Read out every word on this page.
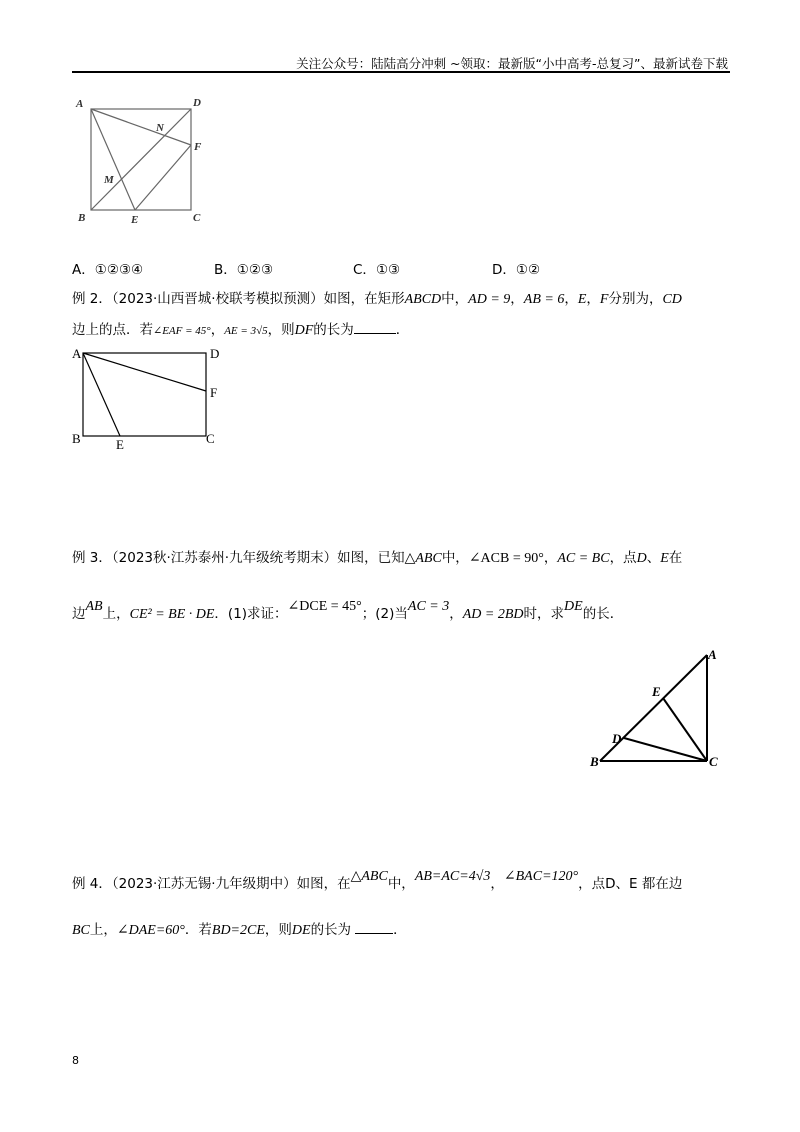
关注公众号：陆陆高分冲刺 ~领取：最新版“小中高考-总复习”、最新试卷下载
A	D
N
F
M
B	E	C
A．①②③④	B．①②③	C．①③	D．①②
例 2．（2023·山西晋城·校联考模拟预测）如图，在矩形ABCD中，AD = 9，AB = 6，E，F分别为，CD
边上的点．若∠EAF = 45°，AE = 3√5，则DF的长为	．
A	D
F
B	E	C
例 3．（2023秋·江苏泰州·九年级统考期末）如图，已知△ABC中，∠ACB = 90°，AC = BC，点D、E在
边AB上，CE² = BE · DE．(1)求证：∠DCE = 45°；(2)当AC = 3，AD = 2BD时，求DE的长．
A
E
D
B	C
例 4．（2023·江苏无锡·九年级期中）如图，在△ABC中，AB=AC=4√3，∠BAC=120°，点D、E 都在边
BC上，∠DAE=60°．若BD=2CE，则DE的长为	．
8
